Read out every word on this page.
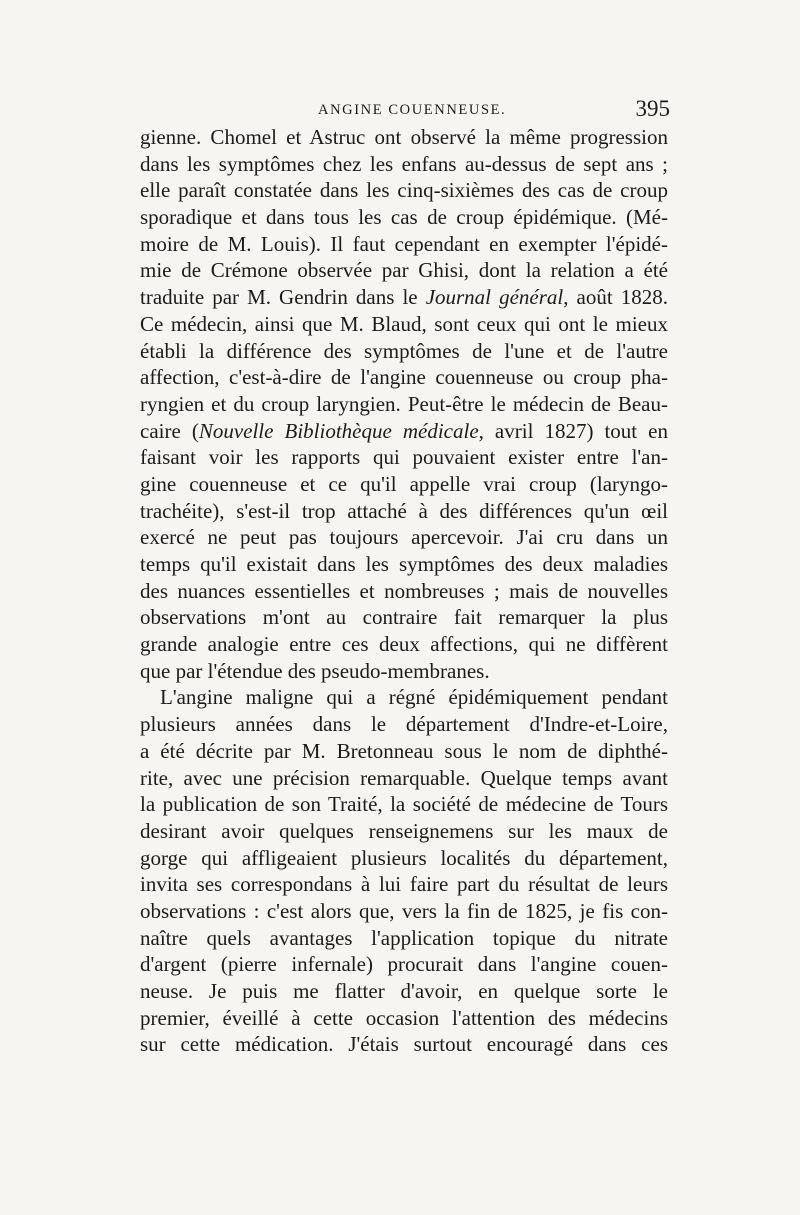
ANGINE COUENNEUSE.	395
gienne. Chomel et Astruc ont observé la même progression
dans les symptômes chez les enfans au-dessus de sept ans ;
elle paraît constatée dans les cinq-sixièmes des cas de croup
sporadique et dans tous les cas de croup épidémique. (Mé-
moire de M. Louis). Il faut cependant en exempter l'épidé-
mie de Crémone observée par Ghisi, dont la relation a été
traduite par M. Gendrin dans le Journal général, août 1828.
Ce médecin, ainsi que M. Blaud, sont ceux qui ont le mieux
établi la différence des symptômes de l'une et de l'autre
affection, c'est-à-dire de l'angine couenneuse ou croup pha-
ryngien et du croup laryngien. Peut-être le médecin de Beau-
caire (Nouvelle Bibliothèque médicale, avril 1827) tout en
faisant voir les rapports qui pouvaient exister entre l'an-
gine couenneuse et ce qu'il appelle vrai croup (laryngo-
trachéite), s'est-il trop attaché à des différences qu'un œil
exercé ne peut pas toujours apercevoir. J'ai cru dans un
temps qu'il existait dans les symptômes des deux maladies
des nuances essentielles et nombreuses ; mais de nouvelles
observations m'ont au contraire fait remarquer la plus
grande analogie entre ces deux affections, qui ne diffèrent
que par l'étendue des pseudo-membranes.
L'angine maligne qui a régné épidémiquement pendant
plusieurs années dans le département d'Indre-et-Loire,
a été décrite par M. Bretonneau sous le nom de diphthé-
rite, avec une précision remarquable. Quelque temps avant
la publication de son Traité, la société de médecine de Tours
desirant avoir quelques renseignemens sur les maux de
gorge qui affligeaient plusieurs localités du département,
invita ses correspondans à lui faire part du résultat de leurs
observations : c'est alors que, vers la fin de 1825, je fis con-
naître quels avantages l'application topique du nitrate
d'argent (pierre infernale) procurait dans l'angine couen-
neuse. Je puis me flatter d'avoir, en quelque sorte le
premier, éveillé à cette occasion l'attention des médecins
sur cette médication. J'étais surtout encouragé dans ces
